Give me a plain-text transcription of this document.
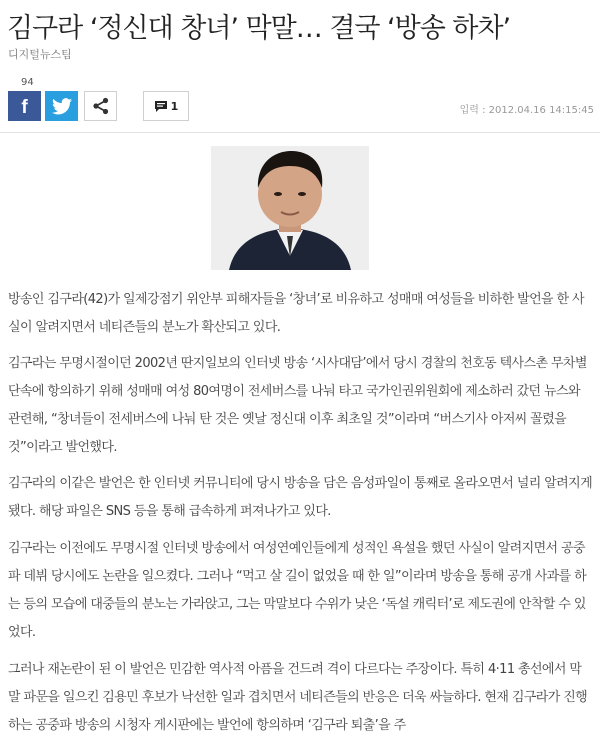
김구라 ‘정신대 창녀’ 막말… 결국 ‘방송 하차’
디지털뉴스팀
94
f	1	입력 : 2012.04.16 14:15:45

방송인 김구라(42)가 일제강점기 위안부 피해자들을 ‘창녀’로 비유하고 성매매 여성들을 비하한 발언을 한 사실이 알려지면서 네티즌들의 분노가 확산되고 있다.

김구라는 무명시절이던 2002년 딴지일보의 인터넷 방송 ‘시사대담’에서 당시 경찰의 천호동 텍사스촌 무차별 단속에 항의하기 위해 성매매 여성 80여명이 전세버스를 나눠 타고 국가인권위원회에 제소하러 갔던 뉴스와 관련해, “창녀들이 전세버스에 나눠 탄 것은 옛날 정신대 이후 최초일 것”이라며 “버스기사 아저씨 꼴렸을 것”이라고 발언했다.

김구라의 이같은 발언은 한 인터넷 커뮤니티에 당시 방송을 담은 음성파일이 통째로 올라오면서 널리 알려지게 됐다. 해당 파일은 SNS 등을 통해 급속하게 퍼져나가고 있다.

김구라는 이전에도 무명시절 인터넷 방송에서 여성연예인들에게 성적인 욕설을 했던 사실이 알려지면서 공중파 데뷔 당시에도 논란을 일으켰다. 그러나 “먹고 살 길이 없었을 때 한 일”이라며 방송을 통해 공개 사과를 하는 등의 모습에 대중들의 분노는 가라앉고, 그는 막말보다 수위가 낮은 ‘독설 캐릭터’로 제도권에 안착할 수 있었다.

그러나 재논란이 된 이 발언은 민감한 역사적 아픔을 건드려 격이 다르다는 주장이다. 특히 4·11 총선에서 막말 파문을 일으킨 김용민 후보가 낙선한 일과 겹치면서 네티즌들의 반응은 더욱 싸늘하다. 현재 김구라가 진행하는 공중파 방송의 시청자 게시판에는 발언에 항의하며 ‘김구라 퇴출’을 주
